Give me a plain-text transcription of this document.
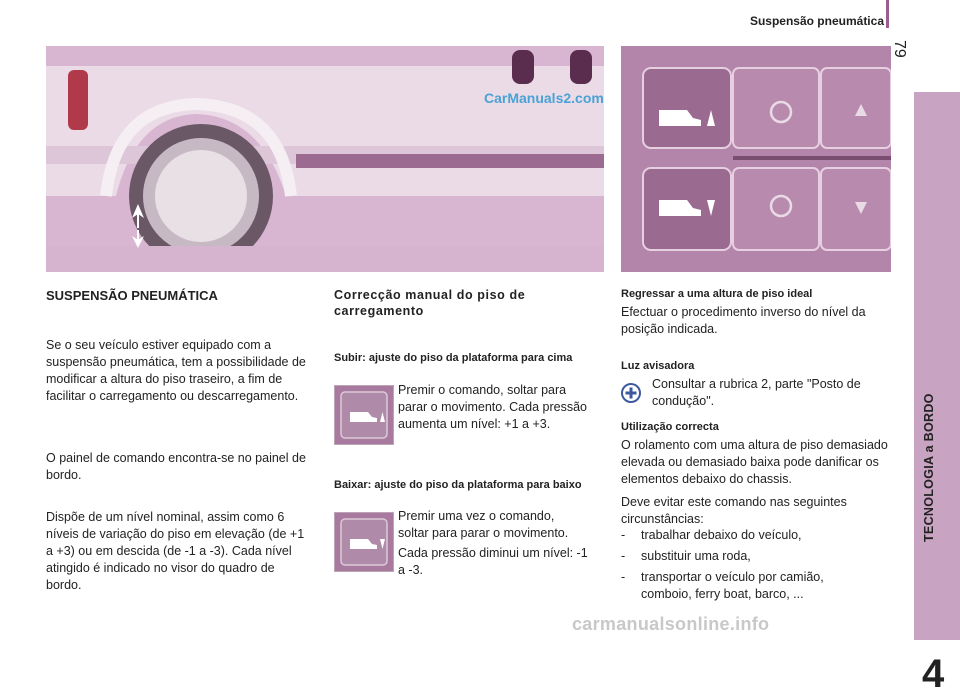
Suspensão pneumática
79
TECNOLOGIA a BORDO
4
CarManuals2.com

SUSPENSÃO PNEUMÁTICA

Se o seu veículo estiver equipado com a suspensão pneumática, tem a possibilidade de modificar a altura do piso traseiro, a fim de facilitar o carregamento ou descarregamento.
O painel de comando encontra-se no painel de bordo.
Dispõe de um nível nominal, assim como 6 níveis de variação do piso em elevação (de +1 a +3) ou em descida (de -1 a -3). Cada nível atingido é indicado no visor do quadro de bordo.
Correcção manual do piso de carregamento
Subir: ajuste do piso da plataforma para cima
Premir o comando, soltar para parar o movimento. Cada pressão aumenta um nível: +1 a +3.
Baixar: ajuste do piso da plataforma para baixo
Premir uma vez o comando, soltar para parar o movimento.
Cada pressão diminui um nível: -1 a -3.
Regressar a uma altura de piso ideal
Efectuar o procedimento inverso do nível da posição indicada.
Luz avisadora
Consultar a rubrica 2, parte "Posto de condução".
Utilização correcta
O rolamento com uma altura de piso demasiado elevada ou demasiado baixa pode danificar os elementos debaixo do chassis.
Deve evitar este comando nas seguintes circunstâncias:
- trabalhar debaixo do veículo,
- substituir uma roda,
- transportar o veículo por camião, comboio, ferry boat, barco, ...
carmanualsonline.info
